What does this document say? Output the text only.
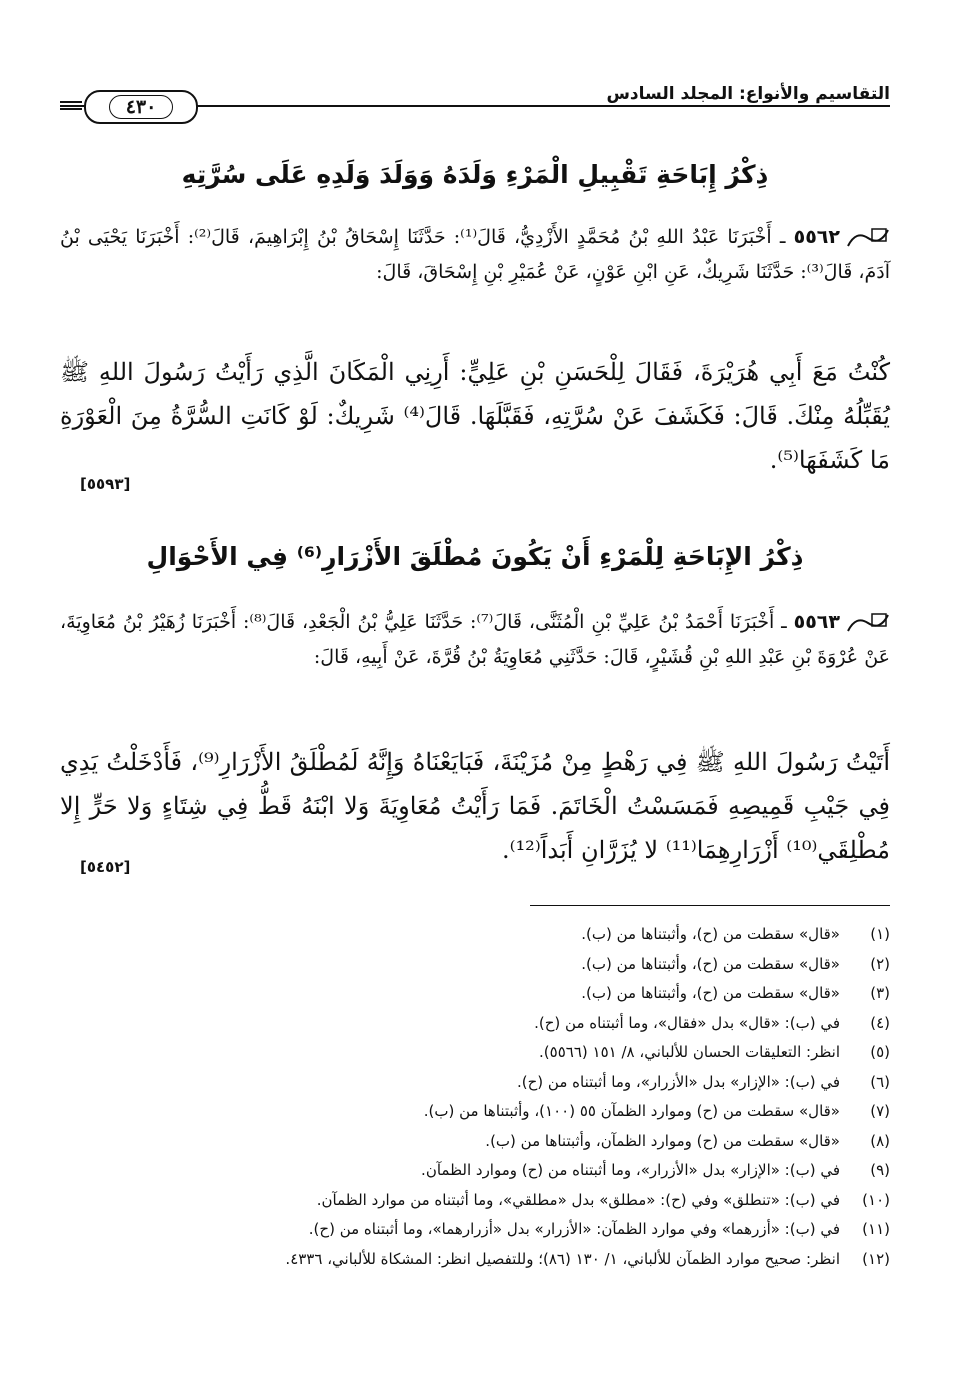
التقاسيم والأنواع: المجلد السادس
٤٣٠
ذِكْرُ إِبَاحَةِ تَقْبِيلِ الْمَرْءِ وَلَدَهُ وَوَلَدَ وَلَدِهِ عَلَى سُرَّتِهِ
٥٥٦٢ ـ أَخْبَرَنَا عَبْدُ اللهِ بْنُ مُحَمَّدٍ الأَزْدِيُّ، قَالَ⁽¹⁾: حَدَّثَنَا إِسْحَاقُ بْنُ إِبْرَاهِيمَ، قَالَ⁽²⁾: أَخْبَرَنَا يَحْيَى بْنُ آدَمَ، قَالَ⁽³⁾: حَدَّثَنَا شَرِيكٌ، عَنِ ابْنِ عَوْنٍ، عَنْ عُمَيْرِ بْنِ إِسْحَاقَ، قَالَ:
كُنْتُ مَعَ أَبِي هُرَيْرَةَ، فَقَالَ لِلْحَسَنِ بْنِ عَلِيٍّ: أَرِنِي الْمَكَانَ الَّذِي رَأَيْتُ رَسُولَ اللهِ ﷺ يُقَبِّلُهُ مِنْكَ. قَالَ: فَكَشَفَ عَنْ سُرَّتِهِ، فَقَبَّلَهَا. قَالَ⁽⁴⁾ شَرِيكٌ: لَوْ كَانَتِ السُّرَّةُ مِنَ الْعَوْرَةِ مَا كَشَفَهَا⁽⁵⁾.
[٥٥٩٣]
ذِكْرُ الإِبَاحَةِ لِلْمَرْءِ أَنْ يَكُونَ مُطْلَقَ الأَزْرَارِ⁽⁶⁾ فِي الأَحْوَالِ
٥٥٦٣ ـ أَخْبَرَنَا أَحْمَدُ بْنُ عَلِيِّ بْنِ الْمُثَنَّى، قَالَ⁽⁷⁾: حَدَّثَنَا عَلِيُّ بْنُ الْجَعْدِ، قَالَ⁽⁸⁾: أَخْبَرَنَا زُهَيْرُ بْنُ مُعَاوِيَةَ، عَنْ عُرْوَةَ بْنِ عَبْدِ اللهِ بْنِ قُشَيْرٍ، قَالَ: حَدَّثَنِي مُعَاوِيَةُ بْنُ قُرَّةَ، عَنْ أَبِيهِ، قَالَ:
أَتَيْتُ رَسُولَ اللهِ ﷺ فِي رَهْطٍ مِنْ مُزَيْنَةَ، فَبَايَعْنَاهُ وَإِنَّهُ لَمُطْلَقُ الأَزْرَارِ⁽⁹⁾، فَأَدْخَلْتُ يَدِي فِي جَيْبِ قَمِيصِهِ فَمَسَسْتُ الْخَاتَمَ. فَمَا رَأَيْتُ مُعَاوِيَةَ وَلا ابْنَهُ قَطُّ فِي شِتَاءٍ وَلا حَرٍّ إِلا مُطْلِقَي⁽¹⁰⁾ أَزْرَارِهِمَا⁽¹¹⁾ لا يُزَرَّانِ أَبَداً⁽¹²⁾.
[٥٤٥٢]
(١)
«قال» سقطت من (ح)، وأثبتناها من (ب).
(٢)
«قال» سقطت من (ح)، وأثبتناها من (ب).
(٣)
«قال» سقطت من (ح)، وأثبتناها من (ب).
(٤)
في (ب): «قال» بدل «فقال»، وما أثبتناه من (ح).
(٥)
انظر: التعليقات الحسان للألباني، ٨/ ١٥١ (٥٥٦٦).
(٦)
في (ب): «الإزار» بدل «الأزرار»، وما أثبتناه من (ح).
(٧)
«قال» سقطت من (ح) وموارد الظمآن ٥٥ (١٠٠)، وأثبتناها من (ب).
(٨)
«قال» سقطت من (ح) وموارد الظمآن، وأثبتناها من (ب).
(٩)
في (ب): «الإزار» بدل «الأزرار»، وما أثبتناه من (ح) وموارد الظمآن.
(١٠)
في (ب): «تنطلق» وفي (ح): «مطلق» بدل «مطلقي»، وما أثبتناه من موارد الظمآن.
(١١)
في (ب): «أزرهما» وفي موارد الظمآن: «الأزرار» بدل «أزرارهما»، وما أثبتناه من (ح).
(١٢)
انظر: صحيح موارد الظمآن للألباني، ١/ ١٣٠ (٨٦)؛ وللتفصيل انظر: المشكاة للألباني، ٤٣٣٦.
